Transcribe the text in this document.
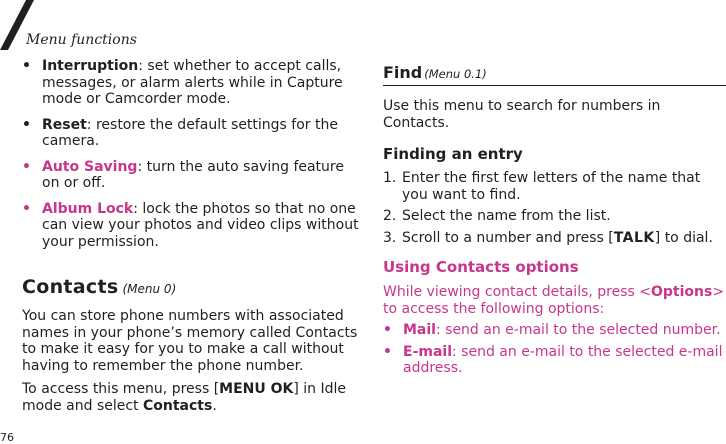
Menu functions
• Interruption: set whether to accept calls, messages, or alarm alerts while in Capture mode or Camcorder mode.
• Reset: restore the default settings for the camera.
• Auto Saving: turn the auto saving feature on or off.
• Album Lock: lock the photos so that no one can view your photos and video clips without your permission.
Contacts (Menu 0)

You can store phone numbers with associated names in your phone’s memory called Contacts to make it easy for you to make a call without having to remember the phone number.

To access this menu, press [MENU OK] in Idle mode and select Contacts.

Find (Menu 0.1)

Use this menu to search for numbers in Contacts.

Finding an entry
1. Enter the first few letters of the name that you want to find.
2. Select the name from the list.
3. Scroll to a number and press [TALK] to dial.
Using Contacts options

While viewing contact details, press <Options> to access the following options:

• Mail: send an e-mail to the selected number.
• E-mail: send an e-mail to the selected e-mail address.
76
